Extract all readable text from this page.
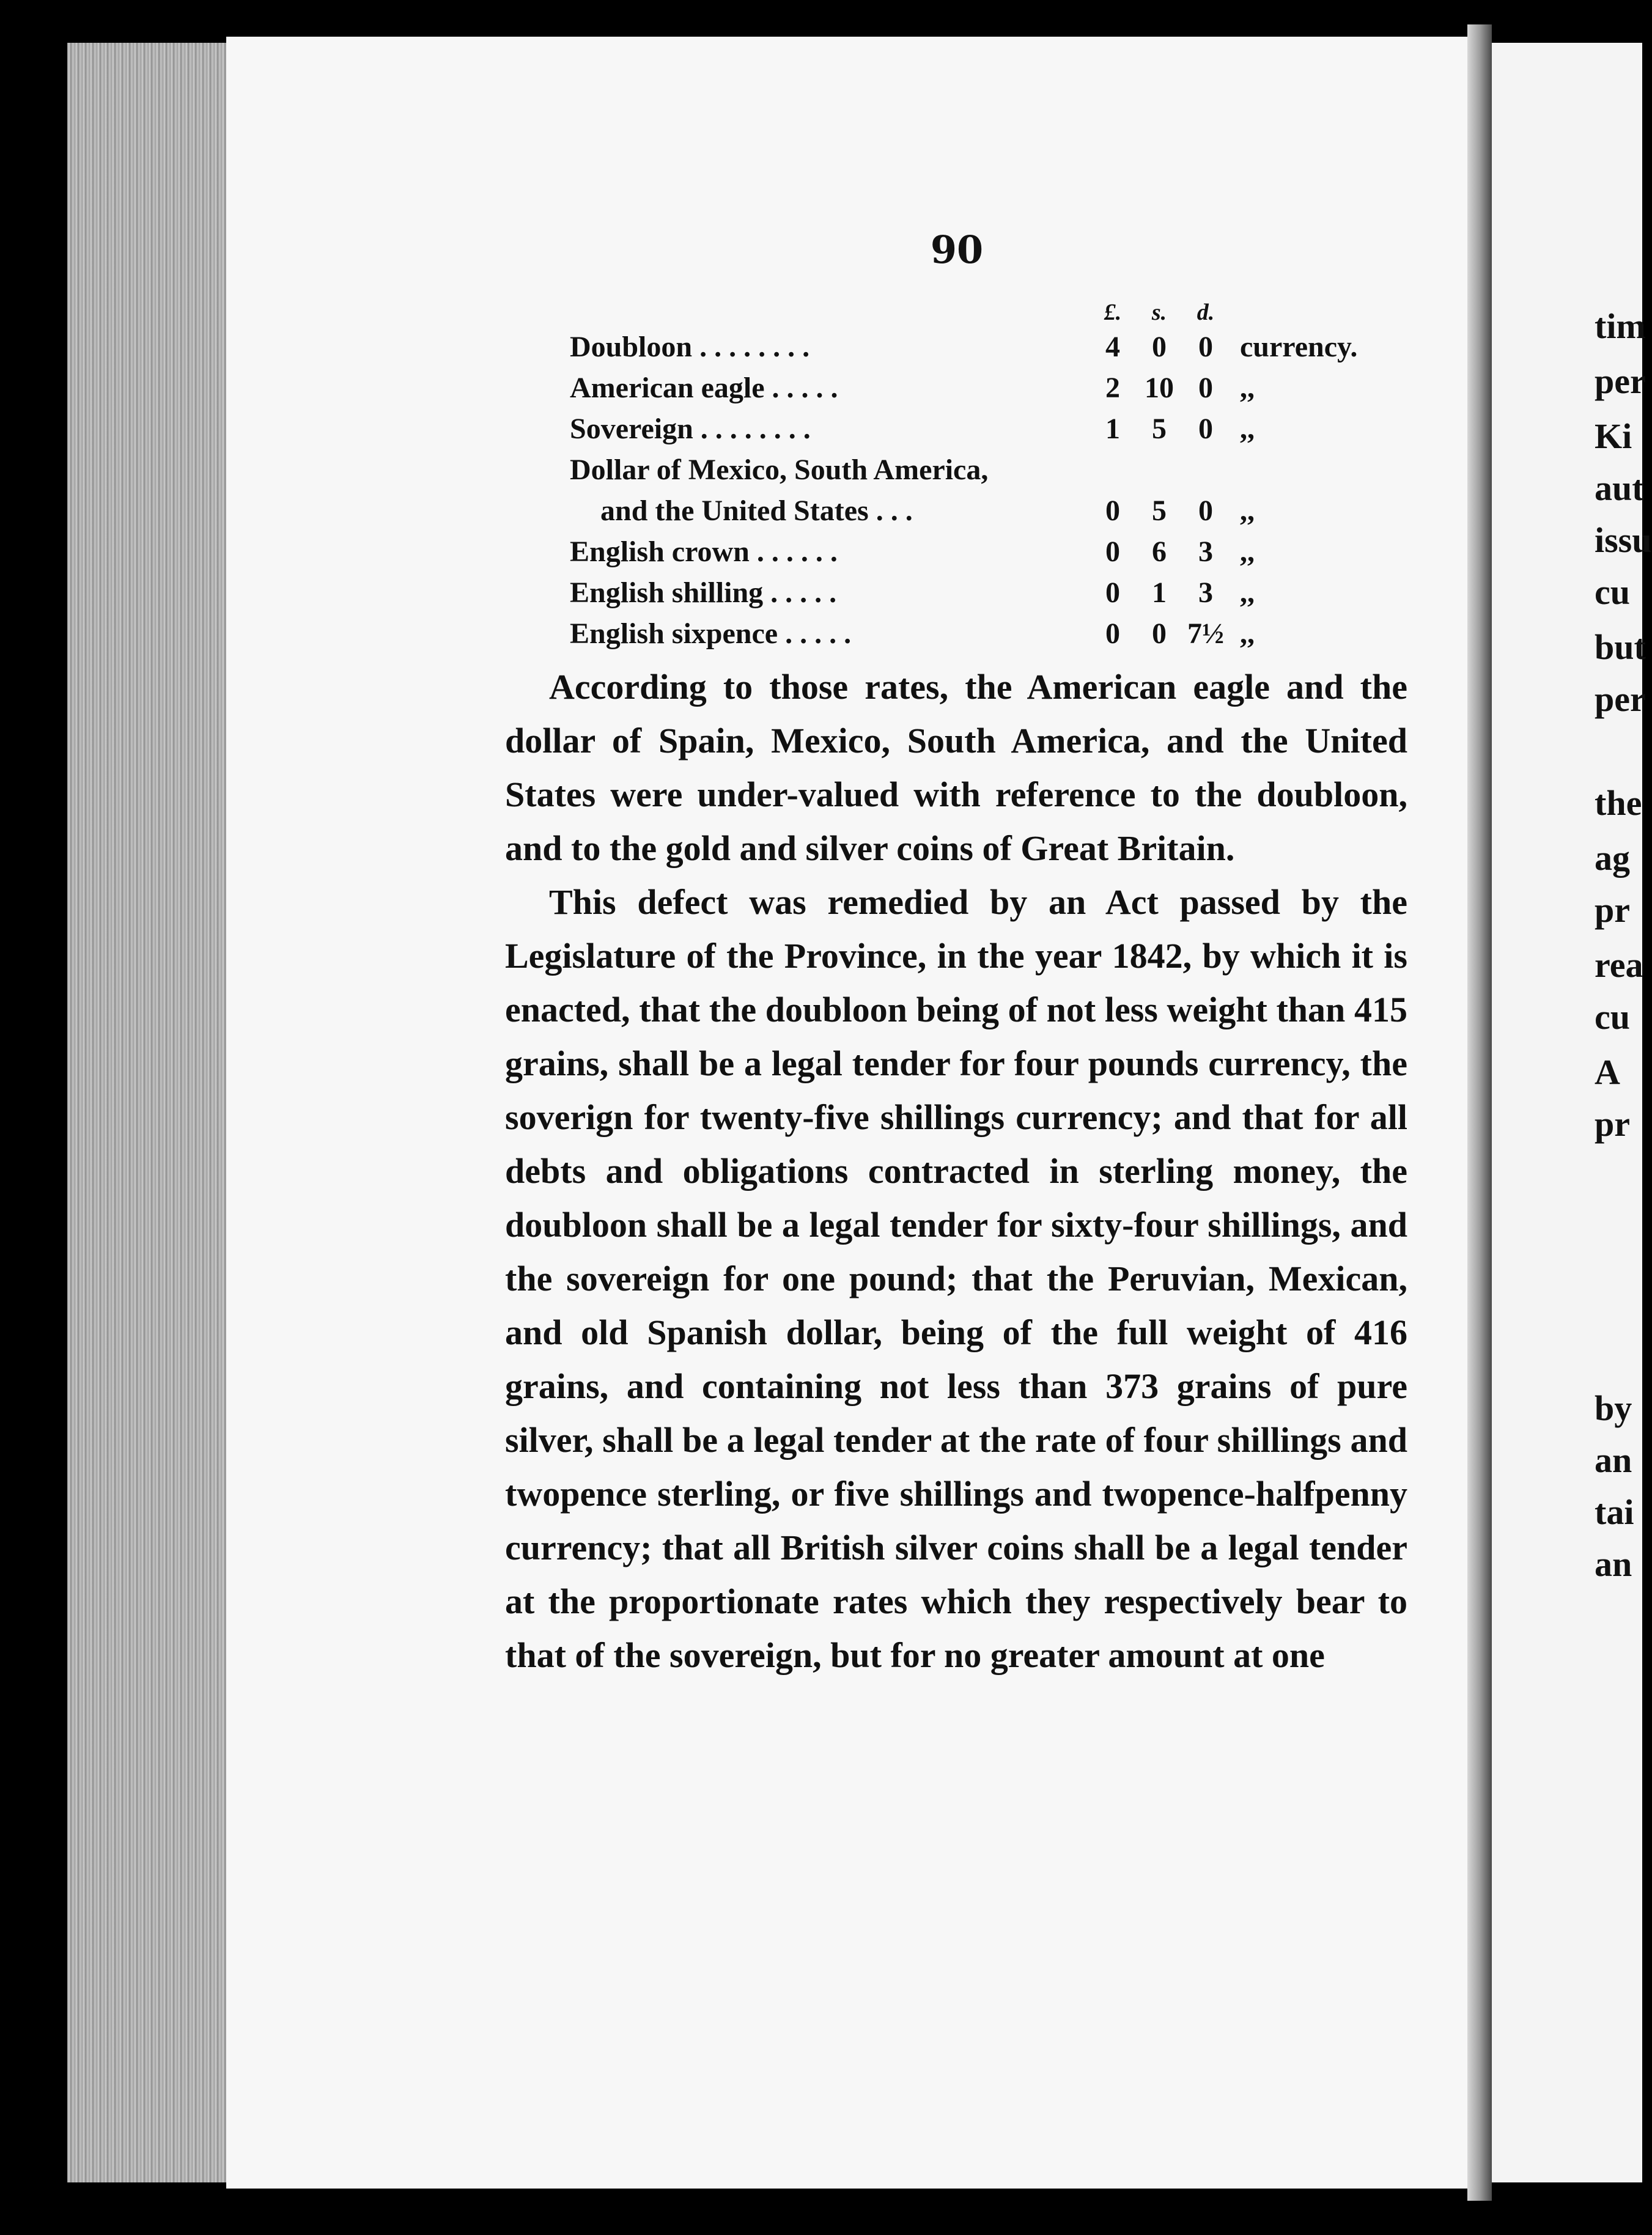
90
	£.	s.	d.	
Doubloon . . . . . . . .	4	0	0	currency.
American eagle . . . . .	2	10	0	,,
Sovereign . . . . . . . .	1	5	0	,,
Dollar of Mexico, South America,				
and the United States . . .	0	5	0	,,
English crown . . . . . .	0	6	3	,,
English shilling . . . . .	0	1	3	,,
English sixpence . . . . .	0	0	7½	,,

According to those rates, the American eagle and the dollar of Spain, Mexico, South America, and the United States were under-valued with reference to the doubloon, and to the gold and silver coins of Great Britain.

This defect was remedied by an Act passed by the Legislature of the Province, in the year 1842, by which it is enacted, that the doubloon being of not less weight than 415 grains, shall be a legal tender for four pounds currency, the soverign for twenty-five shillings currency; and that for all debts and obligations contracted in sterling money, the doubloon shall be a legal tender for sixty-four shillings, and the sovereign for one pound; that the Peruvian, Mexican, and old Spanish dollar, being of the full weight of 416 grains, and containing not less than 373 grains of pure silver, shall be a legal tender at the rate of four shillings and twopence sterling, or five shillings and twopence-halfpenny currency; that all British silver coins shall be a legal tender at the proportionate rates which they respectively bear to that of the sovereign, but for no greater amount at one

tim
per
Ki
aut
issu
cu
but
per
the
ag
pr
rea
cu
A
pr
by
an
tai
an
